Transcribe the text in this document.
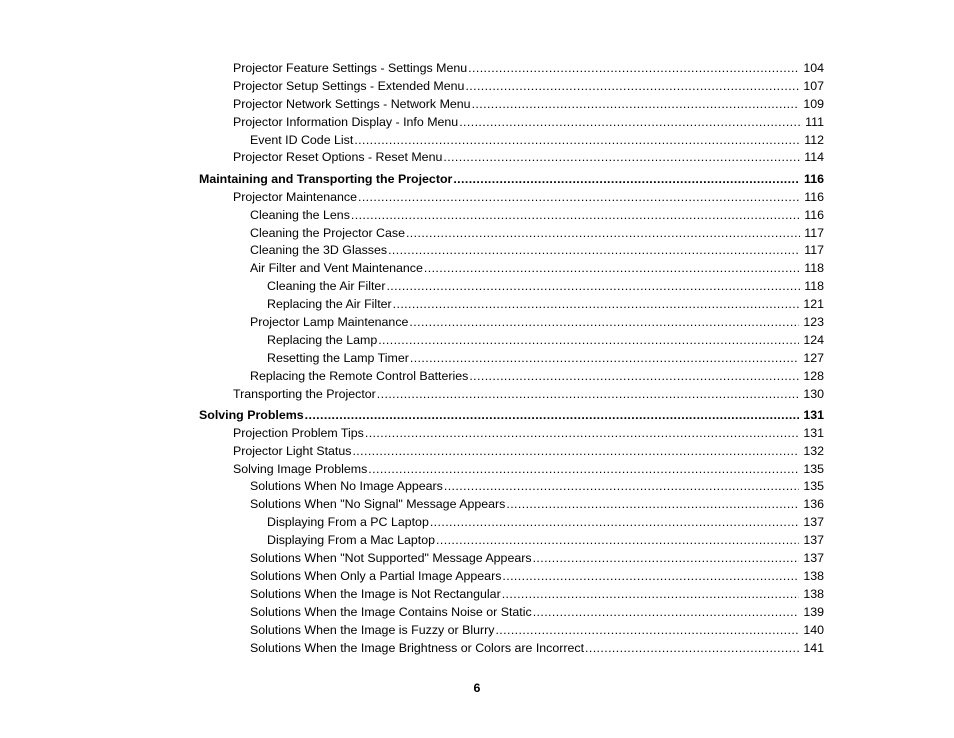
Projector Feature Settings - Settings Menu .....	104
Projector Setup Settings - Extended Menu .....	107
Projector Network Settings - Network Menu .....	109
Projector Information Display - Info Menu .....	111
Event ID Code List .....	112
Projector Reset Options - Reset Menu .....	114
Maintaining and Transporting the Projector .....	116
Projector Maintenance .....	116
Cleaning the Lens .....	116
Cleaning the Projector Case .....	117
Cleaning the 3D Glasses .....	117
Air Filter and Vent Maintenance .....	118
Cleaning the Air Filter .....	118
Replacing the Air Filter .....	121
Projector Lamp Maintenance .....	123
Replacing the Lamp .....	124
Resetting the Lamp Timer .....	127
Replacing the Remote Control Batteries .....	128
Transporting the Projector .....	130
Solving Problems .....	131
Projection Problem Tips .....	131
Projector Light Status .....	132
Solving Image Problems .....	135
Solutions When No Image Appears .....	135
Solutions When "No Signal" Message Appears .....	136
Displaying From a PC Laptop .....	137
Displaying From a Mac Laptop .....	137
Solutions When "Not Supported" Message Appears .....	137
Solutions When Only a Partial Image Appears .....	138
Solutions When the Image is Not Rectangular .....	138
Solutions When the Image Contains Noise or Static .....	139
Solutions When the Image is Fuzzy or Blurry .....	140
Solutions When the Image Brightness or Colors are Incorrect .....	141
6
